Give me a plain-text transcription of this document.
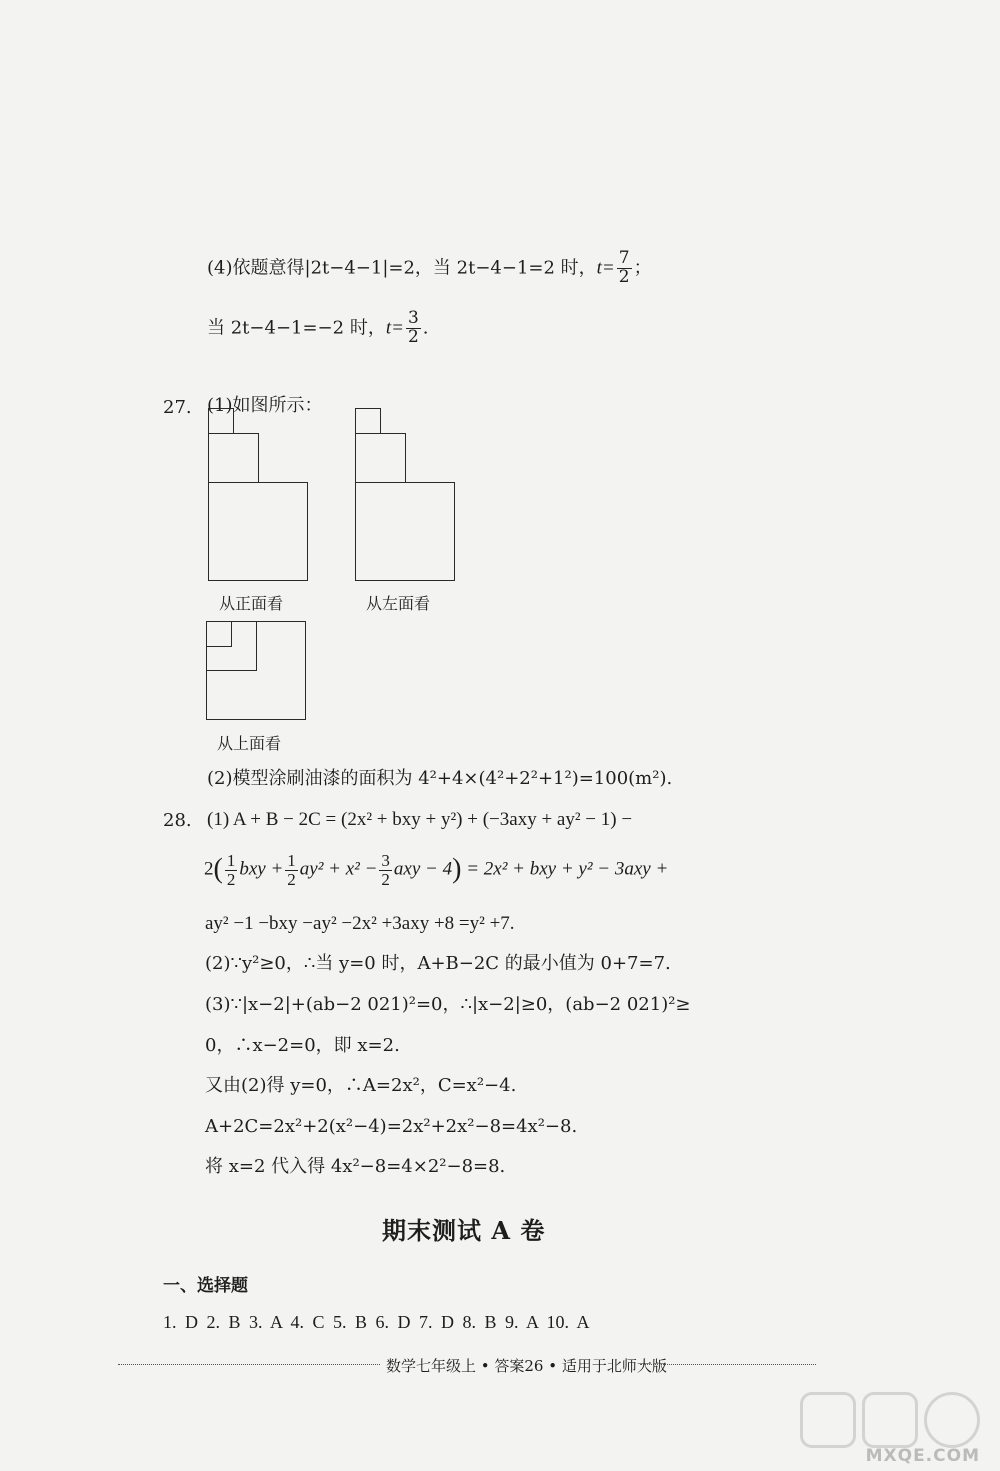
(4)依题意得|2t−4−1|=2，当 2t−4−1=2 时，$t= \frac{7}{2}$ ；
当 2t−4−1=−2 时，$t= \frac{3}{2}$ .
27. (1)如图所示：
从正面看	从左面看
从上面看
(2)模型涂刷油漆的面积为 4²+4×(4²+2²+1²)=100(m²).
28. (1) A + B − 2C = (2x² + bxy + y²) + (−3axy + ay² − 1) −
$2( \frac{1}{2}$ bxy + $\frac{1}{2} ay^2 + x^2 - \frac{3}{2}$ axy − 4) = 2x² + bxy + y² − 3axy +
ay² −1 −bxy −ay² −2x² +3axy +8 =y² +7.
(2)∵y²≥0，∴当 y=0 时，A+B−2C 的最小值为 0+7=7.
(3)∵|x−2|+(ab−2 021)²=0，∴|x−2|≥0，(ab−2 021)²≥
0，∴x−2=0，即 x=2.
又由(2)得 y=0，∴A=2x²，C=x²−4.
A+2C=2x²+2(x²−4)=2x²+2x²−8=4x²−8.
将 x=2 代入得 4x²−8=4×2²−8=8.
期末测试 A 卷
一、选择题
1. D 2. B 3. A 4. C 5. B 6. D 7. D 8. B 9. A 10. A
数学七年级上 • 答案26 • 适用于北师大版
MXQE.COM
